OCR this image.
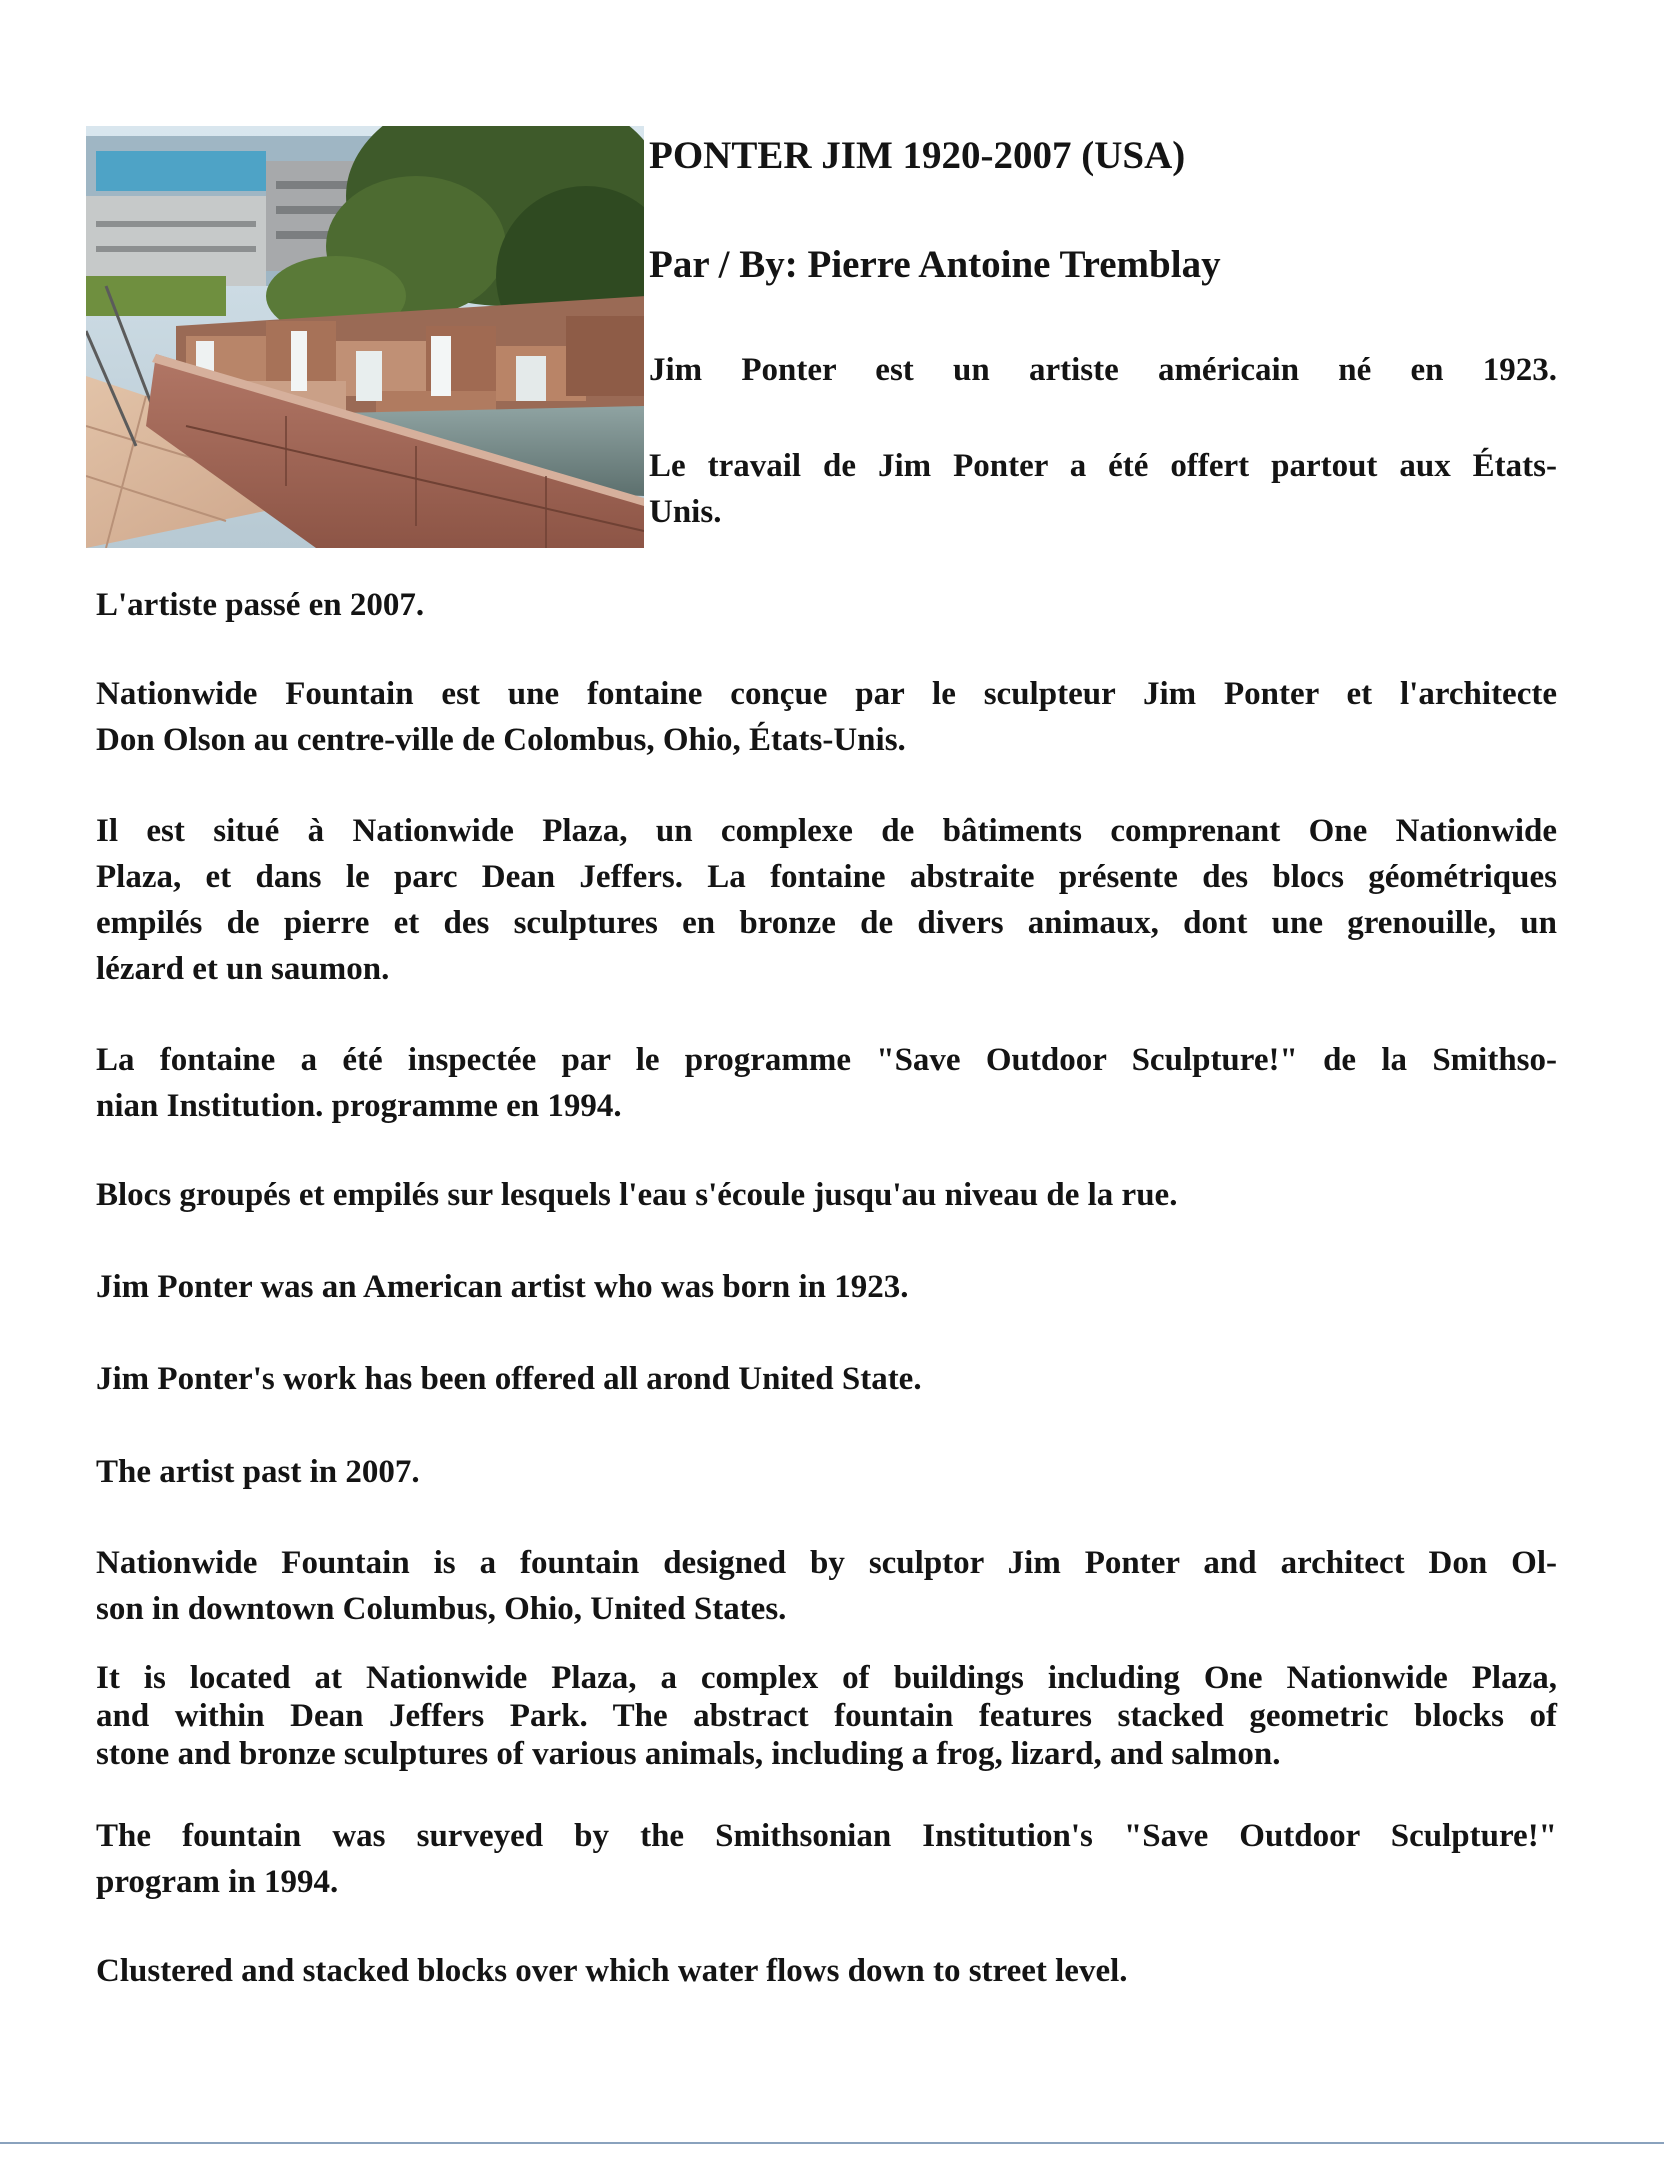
PONTER JIM 1920-2007 (USA)
Par / By: Pierre Antoine Tremblay

Jim Ponter est un artiste américain né en 1923.

Le travail de Jim Ponter a été offert partout aux États-

Unis.

L'artiste passé en 2007.

Nationwide Fountain est une fontaine conçue par le sculpteur Jim Ponter et l'architecte

Don Olson au centre-ville de Colombus, Ohio, États-Unis.

Il est situé à Nationwide Plaza, un complexe de bâtiments comprenant One Nationwide

Plaza, et dans le parc Dean Jeffers. La fontaine abstraite présente des blocs géométriques

empilés de pierre et des sculptures en bronze de divers animaux, dont une grenouille, un

lézard et un saumon.

La fontaine a été inspectée par le programme "Save Outdoor Sculpture!" de la Smithso-

nian Institution. programme en 1994.

Blocs groupés et empilés sur lesquels l'eau s'écoule jusqu'au niveau de la rue.

Jim Ponter was an American artist who was born in 1923.

Jim Ponter's work has been offered all arond United State.

The artist past in 2007.

Nationwide Fountain is a fountain designed by sculptor Jim Ponter and architect Don Ol-

son in downtown Columbus, Ohio, United States.

It is located at Nationwide Plaza, a complex of buildings including One Nationwide Plaza,

and within Dean Jeffers Park. The abstract fountain features stacked geometric blocks of

stone and bronze sculptures of various animals, including a frog, lizard, and salmon.

The fountain was surveyed by the Smithsonian Institution's "Save Outdoor Sculpture!"

program in 1994.

Clustered and stacked blocks over which water flows down to street level.
